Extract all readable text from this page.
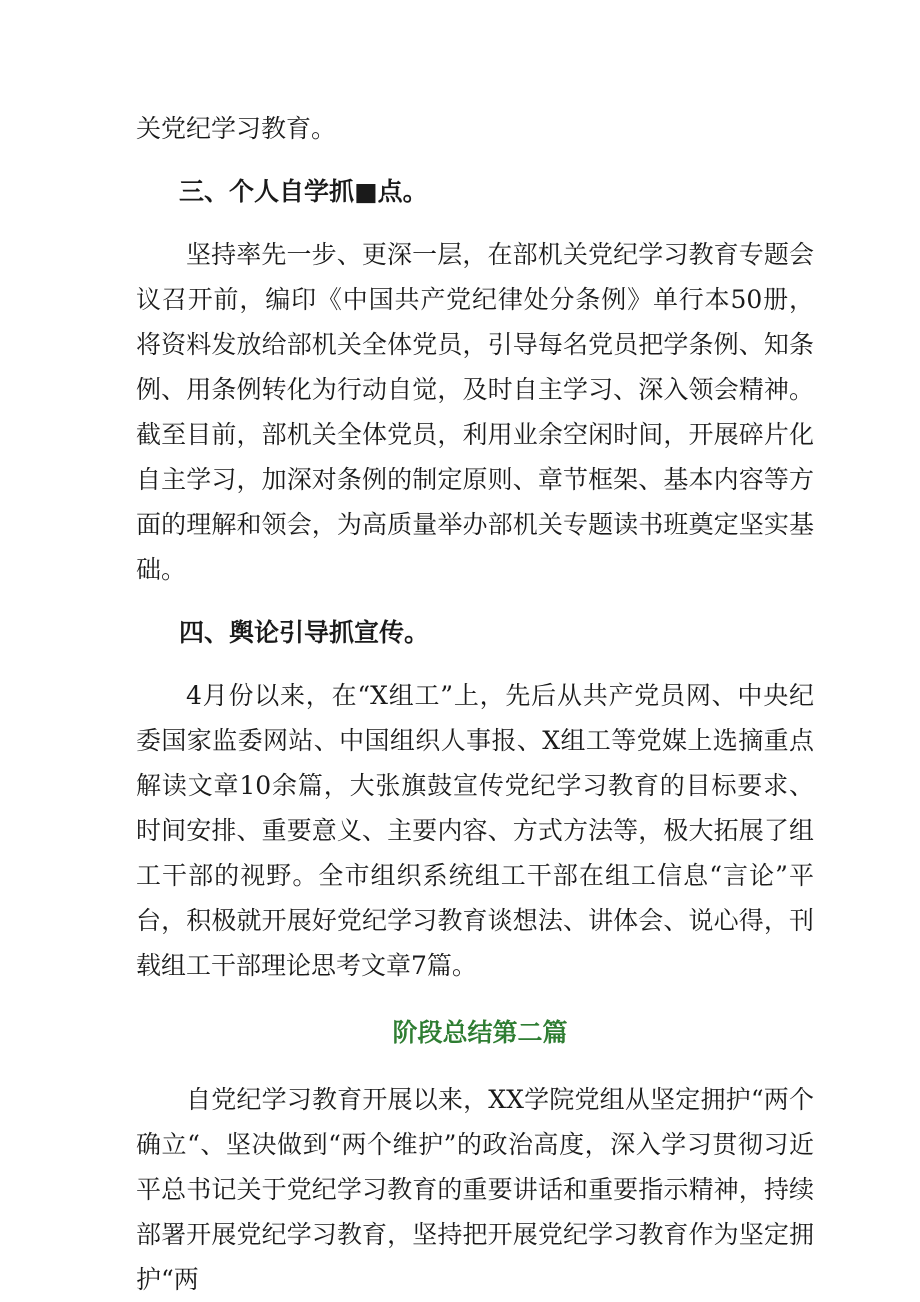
关党纪学习教育。

三、个人自学抓■点。

坚持率先一步、更深一层，在部机关党纪学习教育专题会议召开前，编印《中国共产党纪律处分条例》单行本50册，将资料发放给部机关全体党员，引导每名党员把学条例、知条例、用条例转化为行动自觉，及时自主学习、深入领会精神。截至目前，部机关全体党员，利用业余空闲时间，开展碎片化自主学习，加深对条例的制定原则、章节框架、基本内容等方面的理解和领会，为高质量举办部机关专题读书班奠定坚实基础。

四、舆论引导抓宣传。

4月份以来，在“X组工”上，先后从共产党员网、中央纪委国家监委网站、中国组织人事报、X组工等党媒上选摘重点解读文章10余篇，大张旗鼓宣传党纪学习教育的目标要求、时间安排、重要意义、主要内容、方式方法等，极大拓展了组工干部的视野。全市组织系统组工干部在组工信息“言论”平台，积极就开展好党纪学习教育谈想法、讲体会、说心得，刊载组工干部理论思考文章7篇。

阶段总结第二篇

自党纪学习教育开展以来，XX学院党组从坚定拥护“两个确立“、坚决做到“两个维护”的政治高度，深入学习贯彻习近平总书记关于党纪学习教育的重要讲话和重要指示精神，持续部署开展党纪学习教育，坚持把开展党纪学习教育作为坚定拥护“两
